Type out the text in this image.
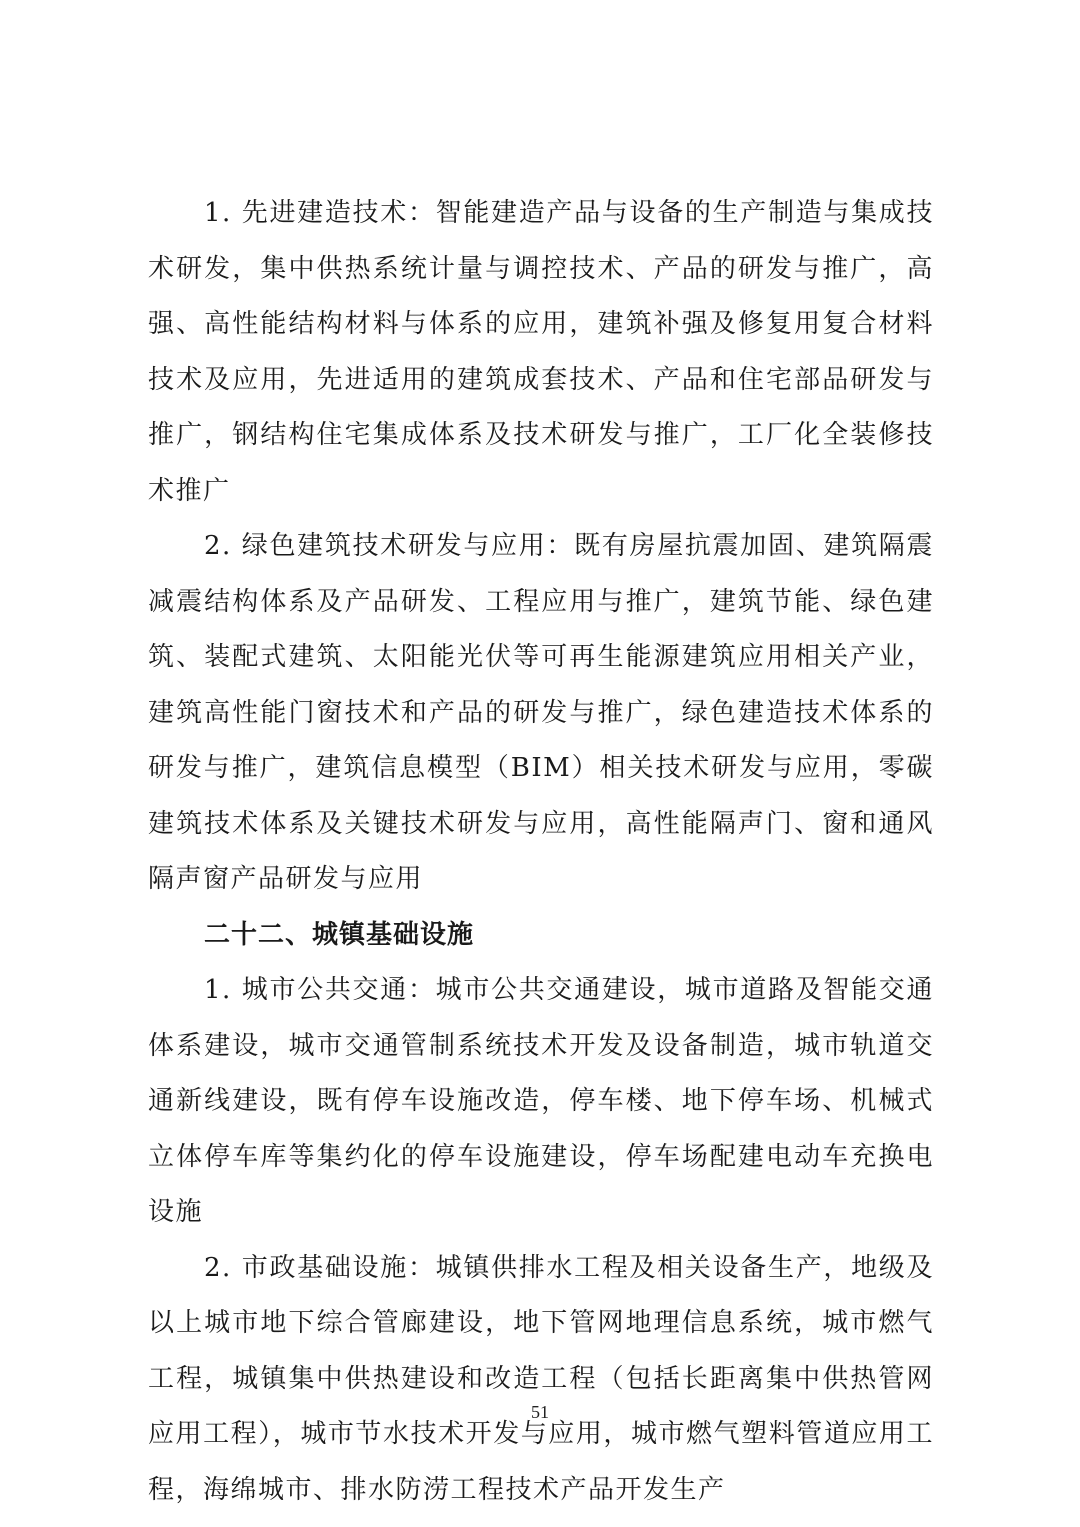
1. 先进建造技术：智能建造产品与设备的生产制造与集成技术研发，集中供热系统计量与调控技术、产品的研发与推广，高强、高性能结构材料与体系的应用，建筑补强及修复用复合材料技术及应用，先进适用的建筑成套技术、产品和住宅部品研发与推广，钢结构住宅集成体系及技术研发与推广，工厂化全装修技术推广

2. 绿色建筑技术研发与应用：既有房屋抗震加固、建筑隔震减震结构体系及产品研发、工程应用与推广，建筑节能、绿色建筑、装配式建筑、太阳能光伏等可再生能源建筑应用相关产业，建筑高性能门窗技术和产品的研发与推广，绿色建造技术体系的研发与推广，建筑信息模型（BIM）相关技术研发与应用，零碳建筑技术体系及关键技术研发与应用，高性能隔声门、窗和通风隔声窗产品研发与应用

二十二、城镇基础设施

1. 城市公共交通：城市公共交通建设，城市道路及智能交通体系建设，城市交通管制系统技术开发及设备制造，城市轨道交通新线建设，既有停车设施改造，停车楼、地下停车场、机械式立体停车库等集约化的停车设施建设，停车场配建电动车充换电设施

2. 市政基础设施：城镇供排水工程及相关设备生产，地级及以上城市地下综合管廊建设，地下管网地理信息系统，城市燃气工程，城镇集中供热建设和改造工程（包括长距离集中供热管网应用工程），城市节水技术开发与应用，城市燃气塑料管道应用工程，海绵城市、排水防涝工程技术产品开发生产

51
